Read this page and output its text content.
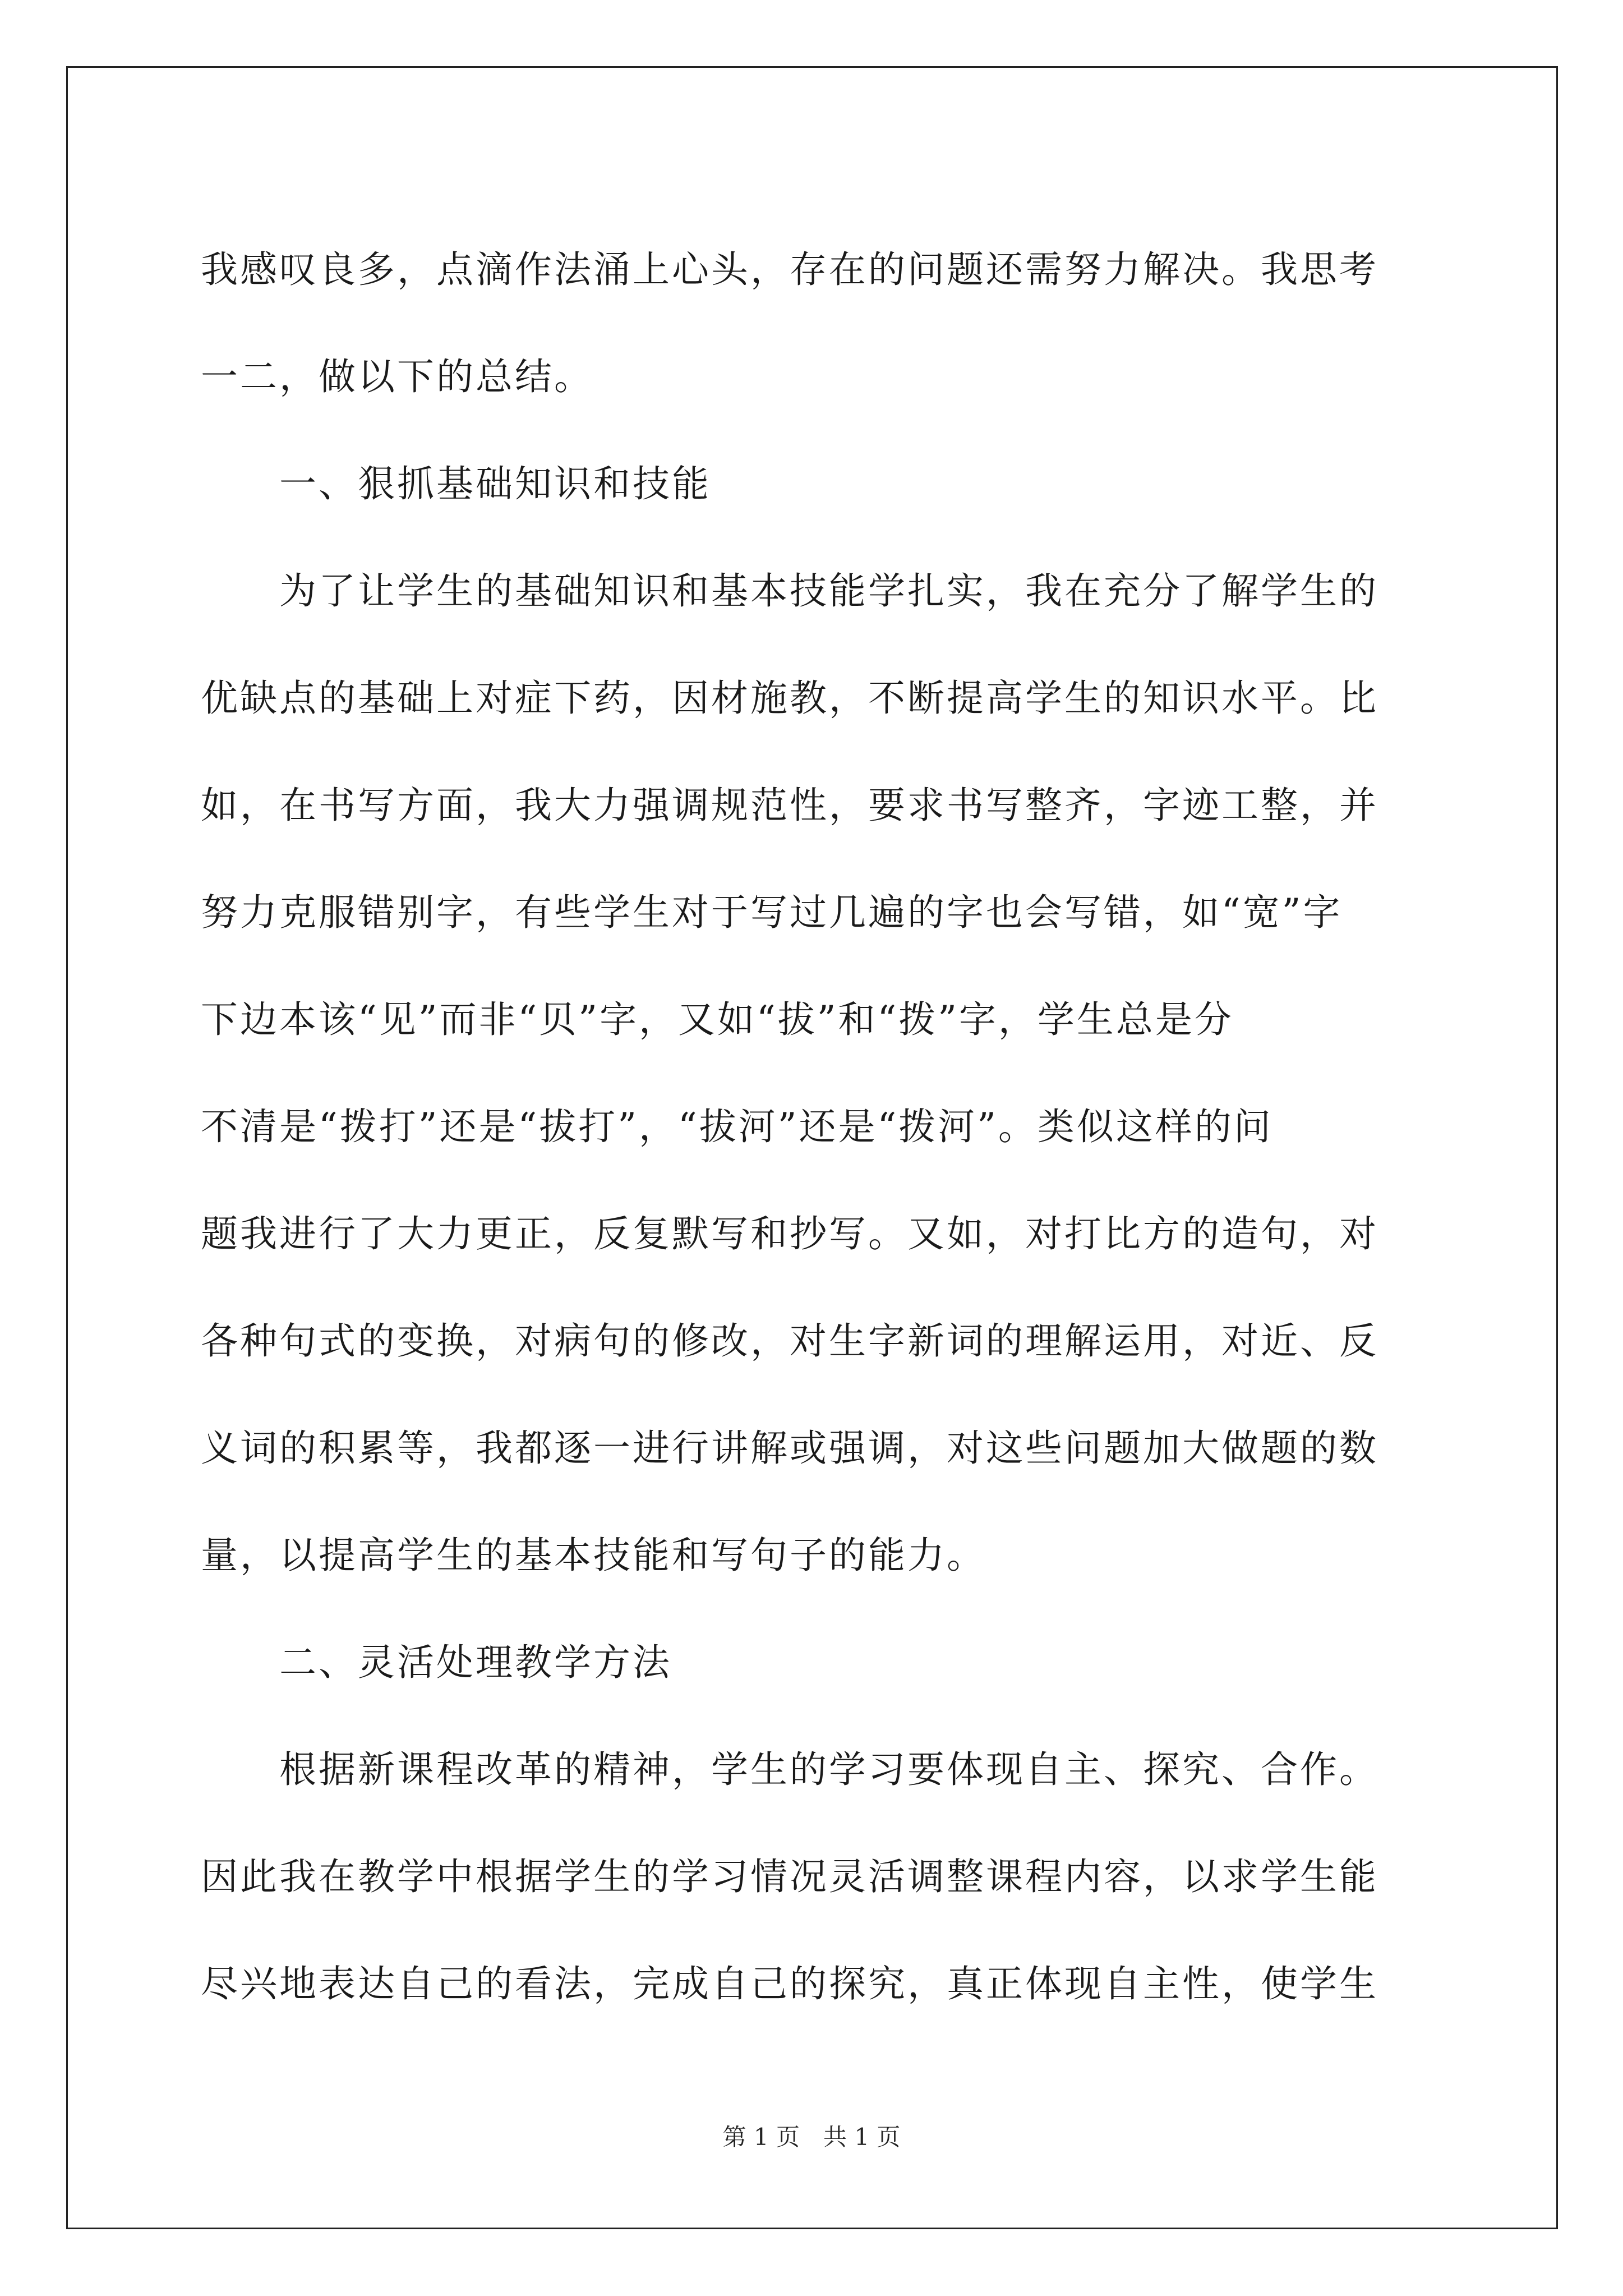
我感叹良多，点滴作法涌上心头，存在的问题还需努力解决。我思考
一二，做以下的总结。
　　一、狠抓基础知识和技能
　　为了让学生的基础知识和基本技能学扎实，我在充分了解学生的
优缺点的基础上对症下药，因材施教，不断提高学生的知识水平。比
如，在书写方面，我大力强调规范性，要求书写整齐，字迹工整，并
努力克服错别字，有些学生对于写过几遍的字也会写错，如“宽”字
下边本该“见”而非“贝”字，又如“拔”和“拨”字，学生总是分
不清是“拨打”还是“拔打”，“拔河”还是“拨河”。类似这样的问
题我进行了大力更正，反复默写和抄写。又如，对打比方的造句，对
各种句式的变换，对病句的修改，对生字新词的理解运用，对近、反
义词的积累等，我都逐一进行讲解或强调，对这些问题加大做题的数
量，以提高学生的基本技能和写句子的能力。
　　二、灵活处理教学方法
　　根据新课程改革的精神，学生的学习要体现自主、探究、合作。
因此我在教学中根据学生的学习情况灵活调整课程内容，以求学生能
尽兴地表达自己的看法，完成自己的探究，真正体现自主性，使学生
第 1 页　共 1 页
